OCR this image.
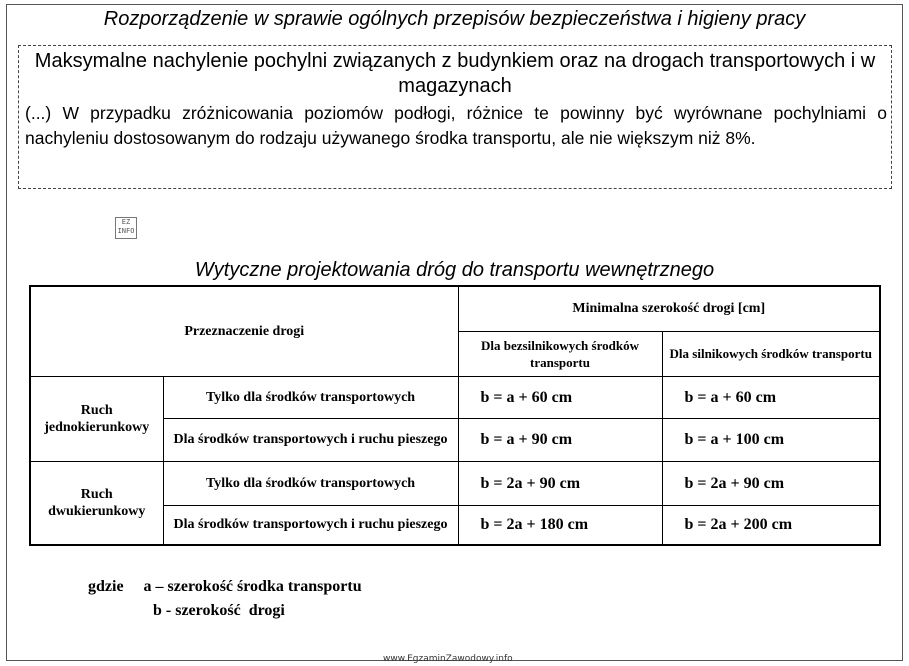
Rozporządzenie w sprawie ogólnych przepisów bezpieczeństwa i higieny pracy
Maksymalne nachylenie pochylni związanych z budynkiem oraz na drogach transportowych i w magazynach
(...) W przypadku zróżnicowania poziomów podłogi, różnice te powinny być wyrównane pochylniami o nachyleniu dostosowanym do rodzaju używanego środka transportu, ale nie większym niż 8%.
EZ INFO
Wytyczne projektowania dróg do transportu wewnętrznego
Przeznaczenie drogi		Minimalna szerokość drogi [cm]	
		Dla bezsilnikowych środków transportu	Dla silnikowych środków transportu
Ruch jednokierunkowy	Tylko dla środków transportowych	b = a + 60 cm	b = a + 60 cm
	Dla środków transportowych i ruchu pieszego	b = a + 90 cm	b = a + 100 cm
Ruch dwukierunkowy	Tylko dla środków transportowych	b = 2a + 90 cm	b = 2a + 90 cm
	Dla środków transportowych i ruchu pieszego	b = 2a + 180 cm	b = 2a + 200 cm
gdzie a – szerokość środka transportu
b - szerokość  drogi
www.EgzaminZawodowy.info
